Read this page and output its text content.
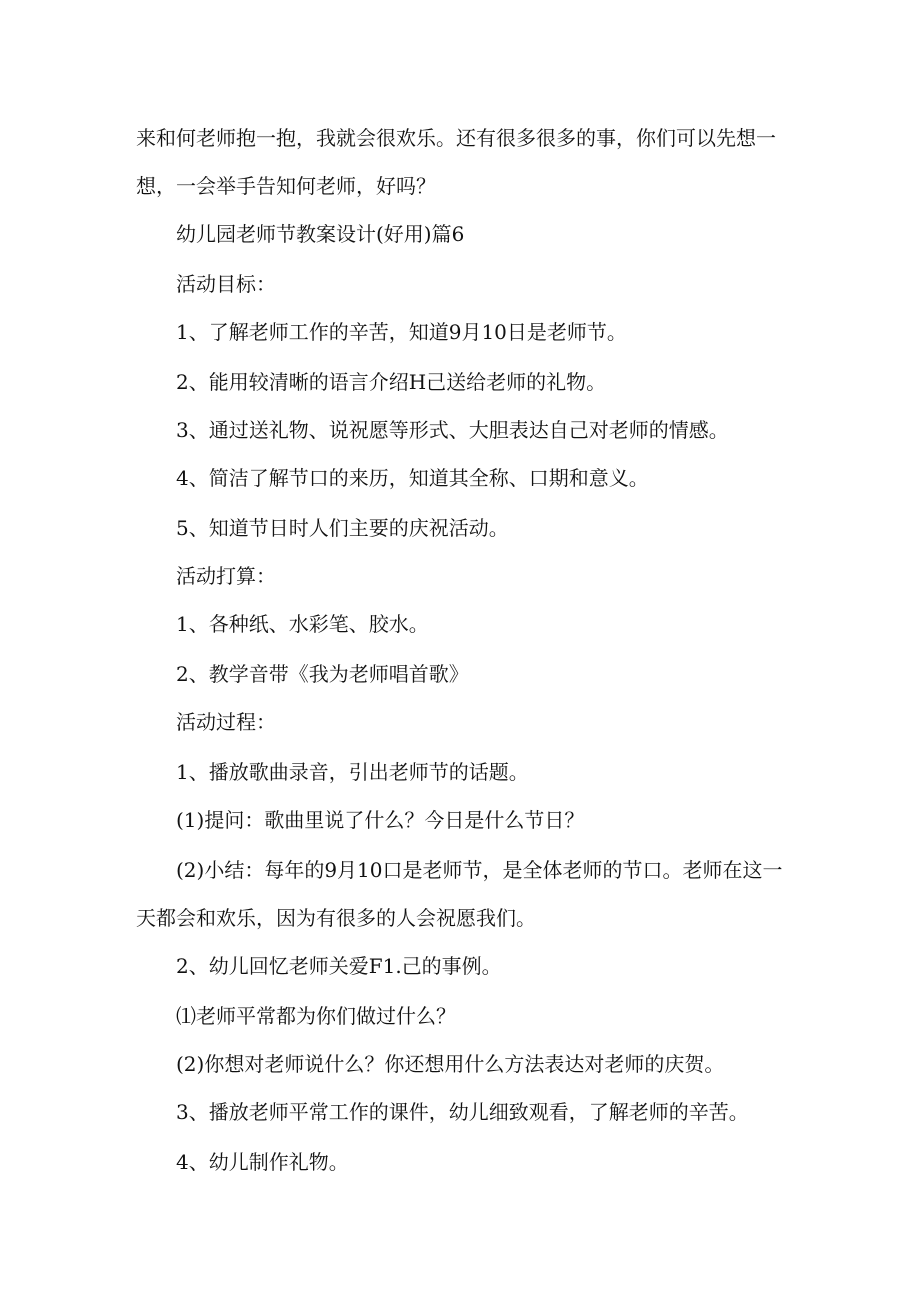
来和何老师抱一抱，我就会很欢乐。还有很多很多的事，你们可以先想一

想，一会举手告知何老师，好吗？

幼儿园老师节教案设计(好用)篇6

活动目标：

1、了解老师工作的辛苦，知道9月10日是老师节。

2、能用较清晰的语言介绍H己送给老师的礼物。

3、通过送礼物、说祝愿等形式、大胆表达自己对老师的情感。

4、简洁了解节口的来历，知道其全称、口期和意义。

5、知道节日时人们主要的庆祝活动。

活动打算：

1、各种纸、水彩笔、胶水。

2、教学音带《我为老师唱首歌》

活动过程：

1、播放歌曲录音，引出老师节的话题。

(1)提问：歌曲里说了什么？今日是什么节日？

(2)小结：每年的9月10口是老师节，是全体老师的节口。老师在这一

天都会和欢乐，因为有很多的人会祝愿我们。

2、幼儿回忆老师关爱F1.己的事例。

⑴老师平常都为你们做过什么？

(2)你想对老师说什么？你还想用什么方法表达对老师的庆贺。

3、播放老师平常工作的课件，幼儿细致观看，了解老师的辛苦。

4、幼儿制作礼物。
